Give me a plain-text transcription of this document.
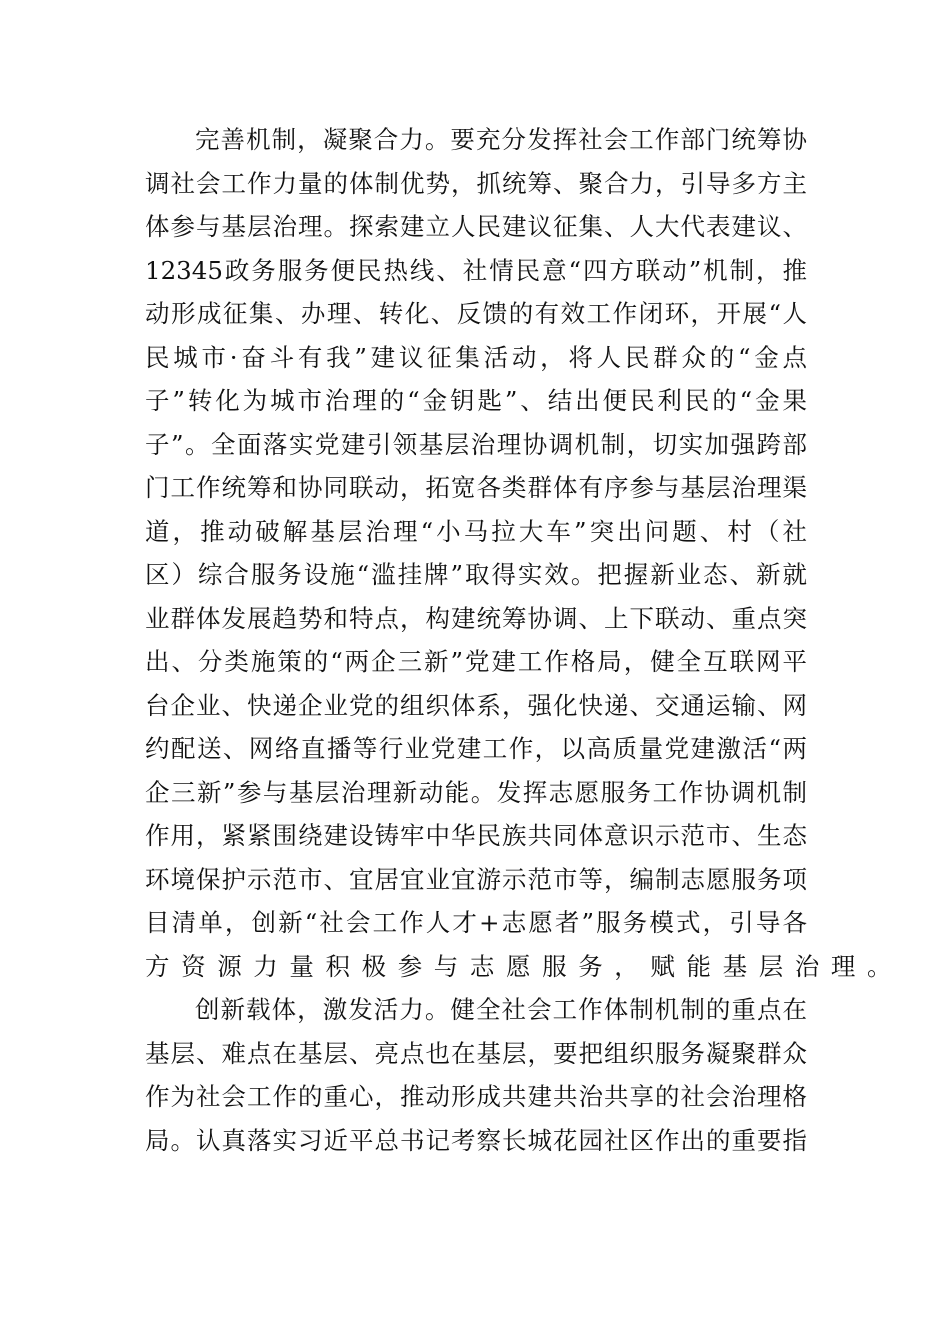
完善机制，凝聚合力。要充分发挥社会工作部门统筹协
调社会工作力量的体制优势，抓统筹、聚合力，引导多方主
体参与基层治理。探索建立人民建议征集、人大代表建议、
12345政务服务便民热线、社情民意“四方联动”机制，推
动形成征集、办理、转化、反馈的有效工作闭环，开展“人
民城市·奋斗有我”建议征集活动，将人民群众的“金点
子”转化为城市治理的“金钥匙”、结出便民利民的“金果
子”。全面落实党建引领基层治理协调机制，切实加强跨部
门工作统筹和协同联动，拓宽各类群体有序参与基层治理渠
道，推动破解基层治理“小马拉大车”突出问题、村（社
区）综合服务设施“滥挂牌”取得实效。把握新业态、新就
业群体发展趋势和特点，构建统筹协调、上下联动、重点突
出、分类施策的“两企三新”党建工作格局，健全互联网平
台企业、快递企业党的组织体系，强化快递、交通运输、网
约配送、网络直播等行业党建工作，以高质量党建激活“两
企三新”参与基层治理新动能。发挥志愿服务工作协调机制
作用，紧紧围绕建设铸牢中华民族共同体意识示范市、生态
环境保护示范市、宜居宜业宜游示范市等，编制志愿服务项
目清单，创新“社会工作人才+志愿者”服务模式，引导各
方资源力量积极参与志愿服务，赋能基层治理。
创新载体，激发活力。健全社会工作体制机制的重点在
基层、难点在基层、亮点也在基层，要把组织服务凝聚群众
作为社会工作的重心，推动形成共建共治共享的社会治理格
局。认真落实习近平总书记考察长城花园社区作出的重要指
